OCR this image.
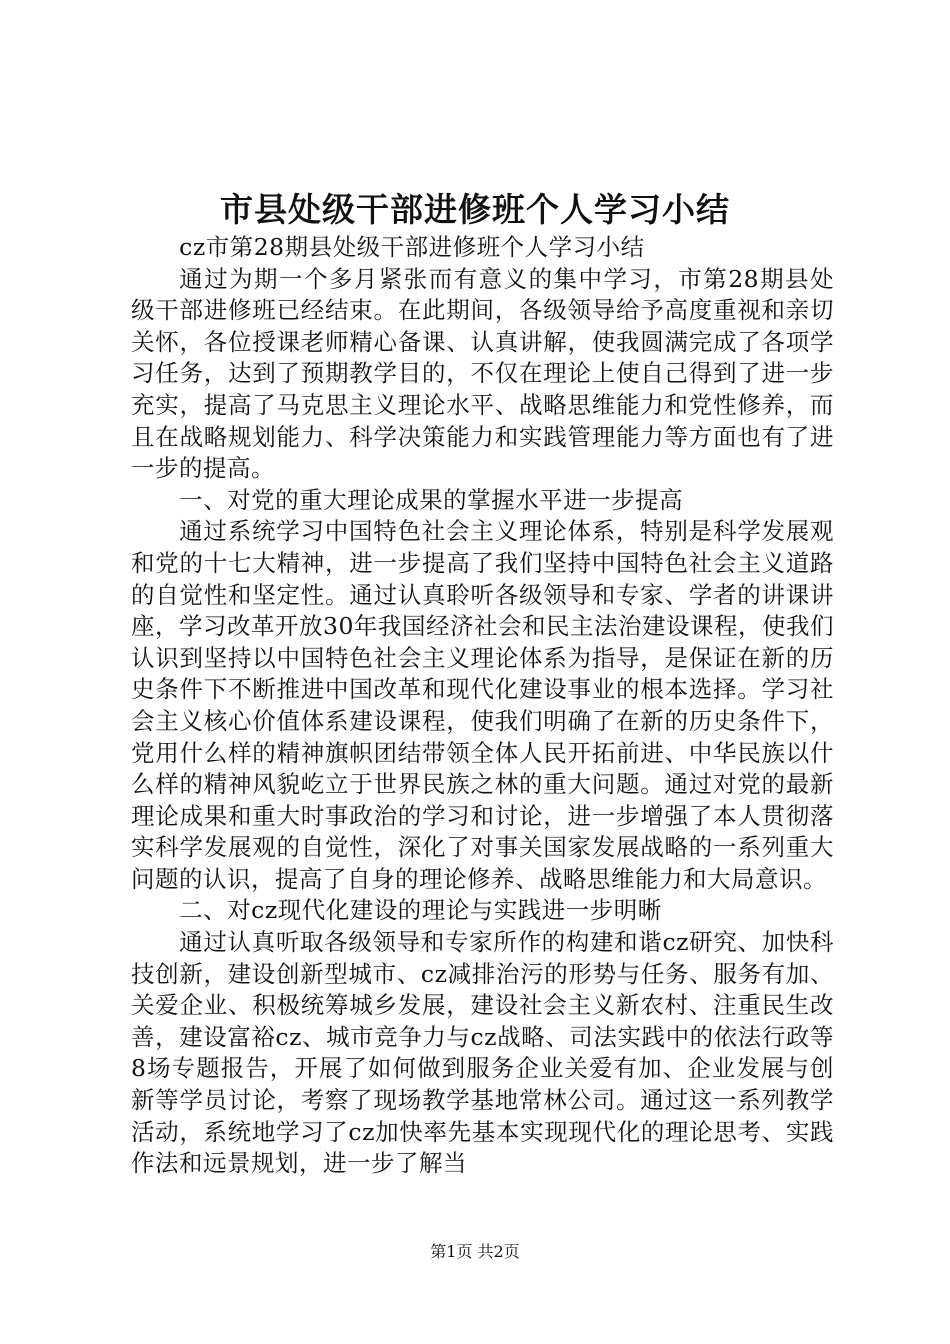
市县处级干部进修班个人学习小结

cz市第28期县处级干部进修班个人学习小结

通过为期一个多月紧张而有意义的集中学习，市第28期县处级干部进修班已经结束。在此期间，各级领导给予高度重视和亲切关怀，各位授课老师精心备课、认真讲解，使我圆满完成了各项学习任务，达到了预期教学目的，不仅在理论上使自己得到了进一步充实，提高了马克思主义理论水平、战略思维能力和党性修养，而且在战略规划能力、科学决策能力和实践管理能力等方面也有了进一步的提高。

一、对党的重大理论成果的掌握水平进一步提高

通过系统学习中国特色社会主义理论体系，特别是科学发展观和党的十七大精神，进一步提高了我们坚持中国特色社会主义道路的自觉性和坚定性。通过认真聆听各级领导和专家、学者的讲课讲座，学习改革开放30年我国经济社会和民主法治建设课程，使我们认识到坚持以中国特色社会主义理论体系为指导，是保证在新的历史条件下不断推进中国改革和现代化建设事业的根本选择。学习社会主义核心价值体系建设课程，使我们明确了在新的历史条件下，党用什么样的精神旗帜团结带领全体人民开拓前进、中华民族以什么样的精神风貌屹立于世界民族之林的重大问题。通过对党的最新理论成果和重大时事政治的学习和讨论，进一步增强了本人贯彻落实科学发展观的自觉性，深化了对事关国家发展战略的一系列重大问题的认识，提高了自身的理论修养、战略思维能力和大局意识。

二、对cz现代化建设的理论与实践进一步明晰

通过认真听取各级领导和专家所作的构建和谐cz研究、加快科技创新，建设创新型城市、cz减排治污的形势与任务、服务有加、关爱企业、积极统筹城乡发展，建设社会主义新农村、注重民生改善，建设富裕cz、城市竞争力与cz战略、司法实践中的依法行政等8场专题报告，开展了如何做到服务企业关爱有加、企业发展与创新等学员讨论，考察了现场教学基地常林公司。通过这一系列教学活动，系统地学习了cz加快率先基本实现现代化的理论思考、实践作法和远景规划，进一步了解当

第1页 共2页
